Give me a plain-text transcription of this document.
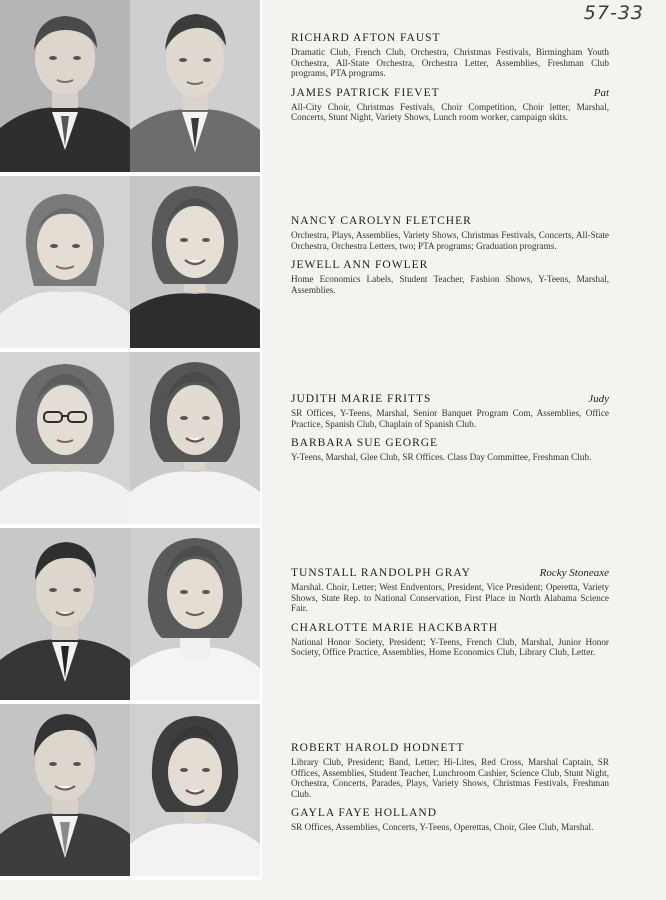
57-33
RICHARD AFTON FAUST
Dramatic Club, French Club, Orchestra, Christmas Festivals, Birmingham Youth Orchestra, All-State Orchestra, Orchestra Letter, Assemblies, Freshman Club programs, PTA programs.
JAMES PATRICK FIEVET	Pat
All-City Choir, Christmas Festivals, Choir Competition, Choir letter, Marshal, Concerts, Stunt Night, Variety Shows, Lunch room worker, campaign skits.
NANCY CAROLYN FLETCHER
Orchestra, Plays, Assemblies, Variety Shows, Christmas Festivals, Concerts, All-State Orchestra, Orchestra Letters, two; PTA programs; Graduation programs.
JEWELL ANN FOWLER
Home Economics Labels, Student Teacher, Fashion Shows, Y-Teens, Marshal, Assemblies.
JUDITH MARIE FRITTS	Judy
SR Offices, Y-Teens, Marshal, Senior Banquet Program Com, Assemblies, Office Practice, Spanish Club, Chaplain of Spanish Club.
BARBARA SUE GEORGE
Y-Teens, Marshal, Glee Club, SR Offices. Class Day Committee, Freshman Club.
TUNSTALL RANDOLPH GRAY	Rocky Stoneaxe
Marshal. Choir, Letter; West Endventors, President, Vice President; Operetta, Variety Shows, State Rep. to National Conservation, First Place in North Alabama Science Fair.
CHARLOTTE MARIE HACKBARTH
National Honor Society, President; Y-Teens, French Club, Marshal, Junior Honor Society, Office Practice, Assemblies, Home Economics Club, Library Club, Letter.
ROBERT HAROLD HODNETT
Library Club, President; Band, Letter; Hi-Lites, Red Cross, Marshal Captain, SR Offices, Assemblies, Student Teacher, Lunchroom Cashier, Science Club, Stunt Night, Orchestra, Concerts, Parades, Plays, Variety Shows, Christmas Festivals, Freshman Club.
GAYLA FAYE HOLLAND
SR Offices, Assemblies, Concerts, Y-Teens, Operettas, Choir, Glee Club, Marshal.
